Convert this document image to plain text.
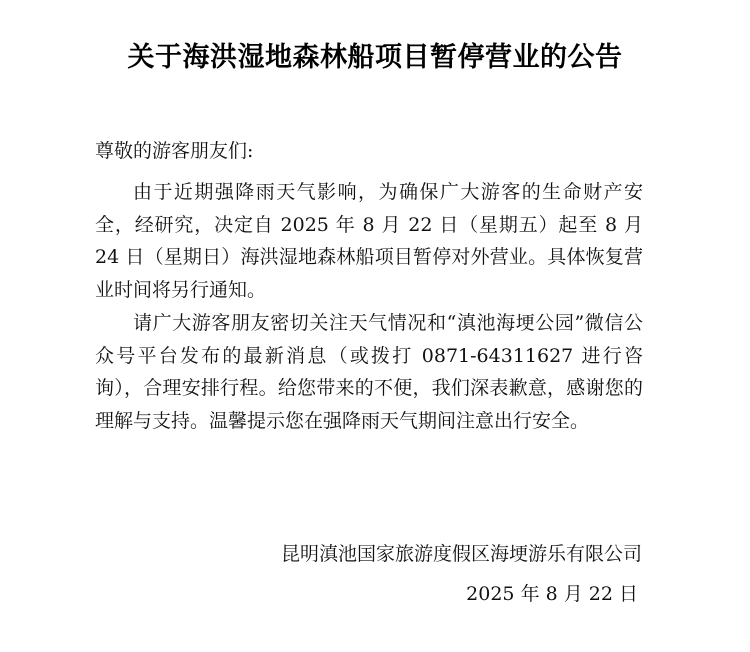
关于海洪湿地森林船项目暂停营业的公告

尊敬的游客朋友们:

由于近期强降雨天气影响，为确保广大游客的生命财产安全，经研究，决定自 2025 年 8 月 22 日（星期五）起至 8 月 24 日（星期日）海洪湿地森林船项目暂停对外营业。具体恢复营业时间将另行通知。

请广大游客朋友密切关注天气情况和“滇池海埂公园”微信公众号平台发布的最新消息（或拨打 0871-64311627 进行咨询），合理安排行程。给您带来的不便，我们深表歉意，感谢您的理解与支持。温馨提示您在强降雨天气期间注意出行安全。

昆明滇池国家旅游度假区海埂游乐有限公司

2025 年 8 月 22 日
